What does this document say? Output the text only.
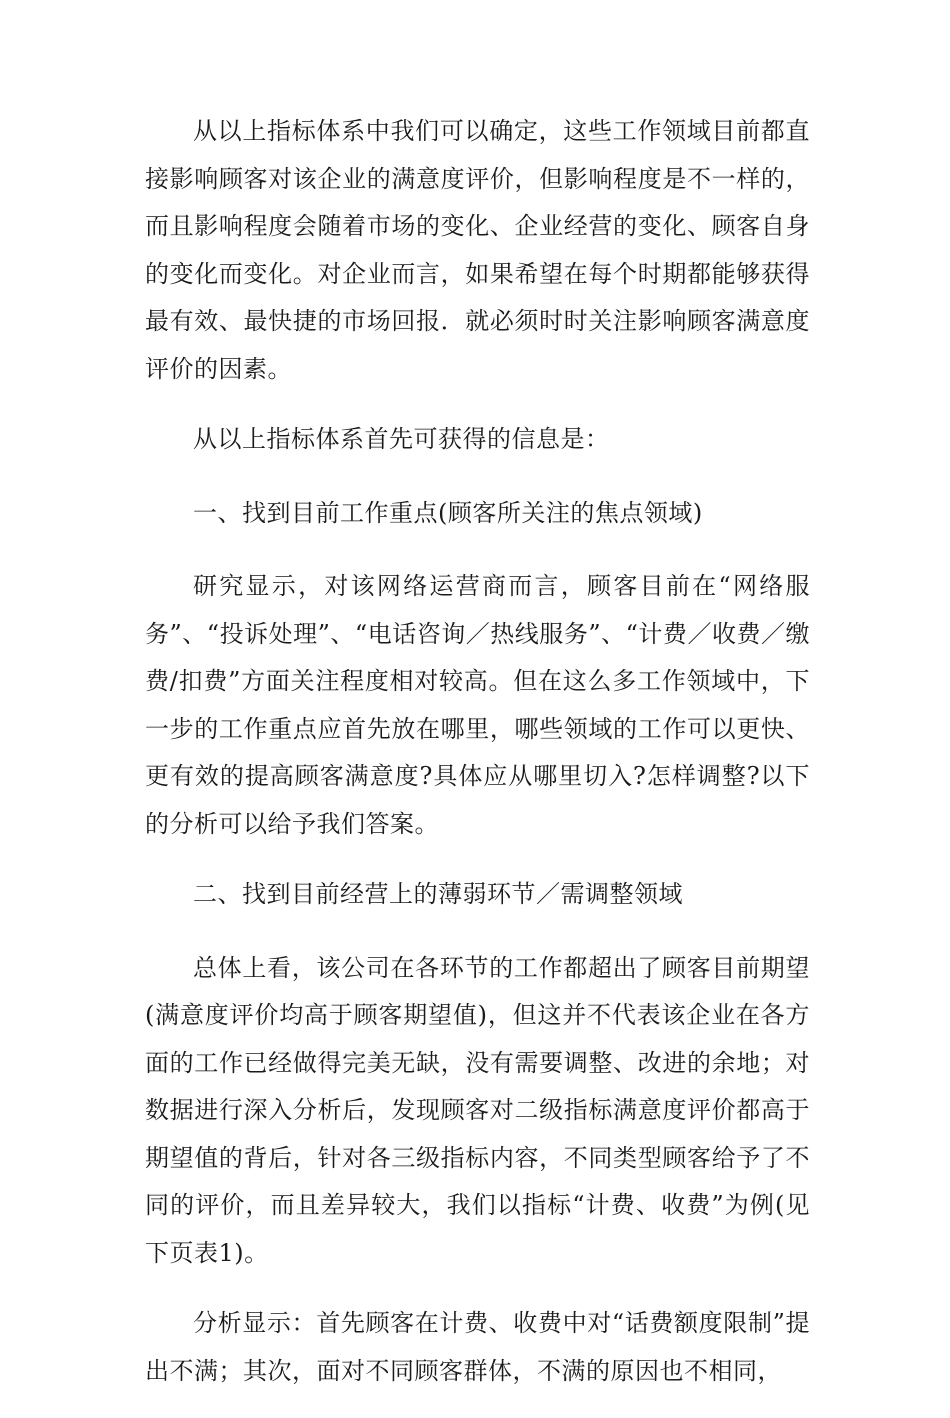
从以上指标体系中我们可以确定，这些工作领域目前都直接影响顾客对该企业的满意度评价，但影响程度是不一样的，而且影响程度会随着市场的变化、企业经营的变化、顾客自身的变化而变化。对企业而言，如果希望在每个时期都能够获得最有效、最快捷的市场回报．就必须时时关注影响顾客满意度评价的因素。

从以上指标体系首先可获得的信息是：

一、找到目前工作重点(顾客所关注的焦点领域)

研究显示，对该网络运营商而言，顾客目前在“网络服务”、“投诉处理”、“电话咨询／热线服务”、“计费／收费／缴费/扣费”方面关注程度相对较高。但在这么多工作领域中，下一步的工作重点应首先放在哪里，哪些领域的工作可以更快、更有效的提高顾客满意度?具体应从哪里切入?怎样调整?以下的分析可以给予我们答案。

二、找到目前经营上的薄弱环节／需调整领域

总体上看，该公司在各环节的工作都超出了顾客目前期望(满意度评价均高于顾客期望值)，但这并不代表该企业在各方面的工作已经做得完美无缺，没有需要调整、改进的余地；对数据进行深入分析后，发现顾客对二级指标满意度评价都高于期望值的背后，针对各三级指标内容，不同类型顾客给予了不同的评价，而且差异较大，我们以指标“计费、收费”为例(见下页表1)。

分析显示：首先顾客在计费、收费中对“话费额度限制”提出不满；其次，面对不同顾客群体，不满的原因也不相同，
